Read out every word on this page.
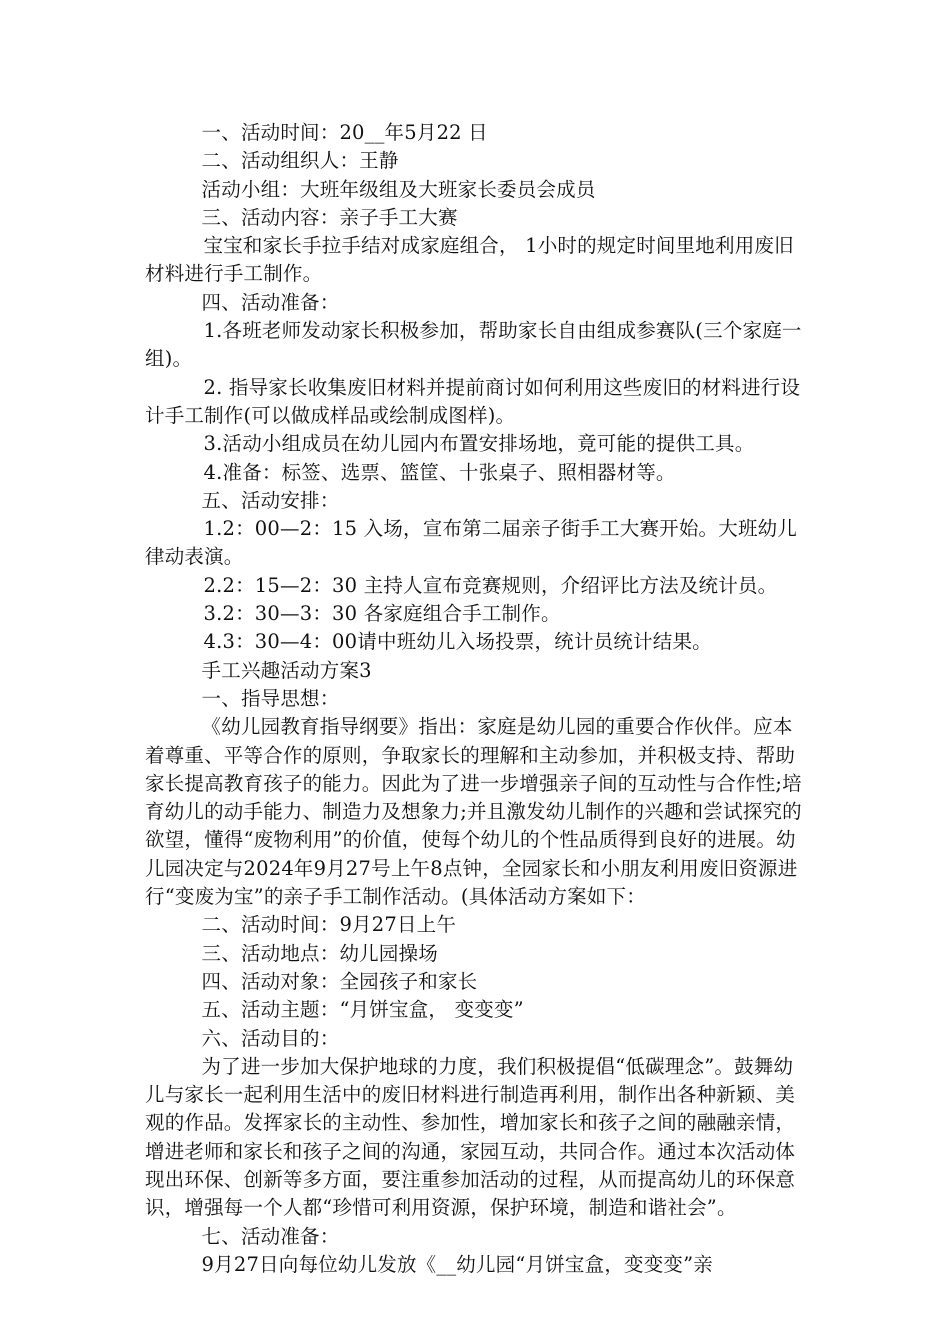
一、活动时间：20__年5月22 日

二、活动组织人：王静

活动小组：大班年级组及大班家长委员会成员

三、活动内容：亲子手工大赛

宝宝和家长手拉手结对成家庭组合， 1小时的规定时间里地利用废旧材料进行手工制作。

四、活动准备：

1.各班老师发动家长积极参加，帮助家长自由组成参赛队(三个家庭一组)。

2. 指导家长收集废旧材料并提前商讨如何利用这些废旧的材料进行设计手工制作(可以做成样品或绘制成图样)。

3.活动小组成员在幼儿园内布置安排场地，竟可能的提供工具。

4.准备：标签、选票、篮筐、十张桌子、照相器材等。

五、活动安排：

1.2：00—2：15 入场，宣布第二届亲子街手工大赛开始。大班幼儿律动表演。

2.2：15—2：30 主持人宣布竞赛规则，介绍评比方法及统计员。

3.2：30—3：30 各家庭组合手工制作。

4.3：30—4：00请中班幼儿入场投票，统计员统计结果。

手工兴趣活动方案3

一、指导思想：

《幼儿园教育指导纲要》指出：家庭是幼儿园的重要合作伙伴。应本着尊重、平等合作的原则，争取家长的理解和主动参加，并积极支持、帮助家长提高教育孩子的能力。因此为了进一步增强亲子间的互动性与合作性;培育幼儿的动手能力、制造力及想象力;并且激发幼儿制作的兴趣和尝试探究的欲望，懂得“废物利用”的价值，使每个幼儿的个性品质得到良好的进展。幼儿园决定与2024年9月27号上午8点钟，全园家长和小朋友利用废旧资源进行“变废为宝”的亲子手工制作活动。(具体活动方案如下：

二、活动时间：9月27日上午

三、活动地点：幼儿园操场

四、活动对象：全园孩子和家长

五、活动主题：“月饼宝盒， 变变变”

六、活动目的：

为了进一步加大保护地球的力度，我们积极提倡“低碳理念”。鼓舞幼儿与家长一起利用生活中的废旧材料进行制造再利用，制作出各种新颖、美观的作品。发挥家长的主动性、参加性，增加家长和孩子之间的融融亲情，增进老师和家长和孩子之间的沟通，家园互动，共同合作。通过本次活动体现出环保、创新等多方面，要注重参加活动的过程，从而提高幼儿的环保意识，增强每一个人都“珍惜可利用资源，保护环境，制造和谐社会”。

七、活动准备：

9月27日向每位幼儿发放《__幼儿园“月饼宝盒，变变变”亲
